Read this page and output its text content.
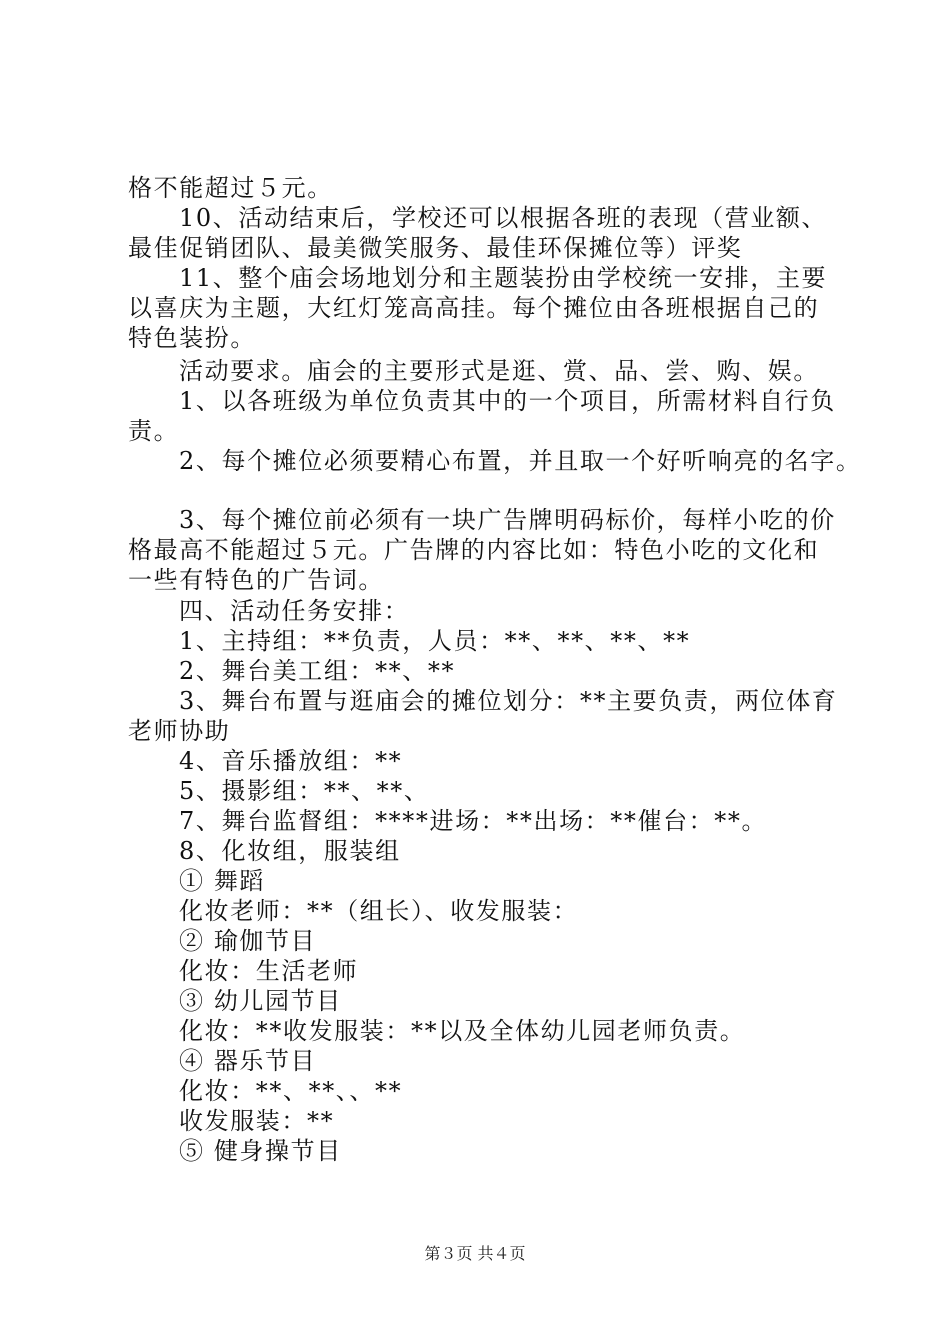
格不能超过５元。
10、活动结束后，学校还可以根据各班的表现（营业额、
最佳促销团队、最美微笑服务、最佳环保摊位等）评奖
11、整个庙会场地划分和主题装扮由学校统一安排，主要
以喜庆为主题，大红灯笼高高挂。每个摊位由各班根据自己的
特色装扮。
活动要求。庙会的主要形式是逛、赏、品、尝、购、娱。
1、以各班级为单位负责其中的一个项目，所需材料自行负
责。
2、每个摊位必须要精心布置，并且取一个好听响亮的名字。
3、每个摊位前必须有一块广告牌明码标价，每样小吃的价
格最高不能超过５元。广告牌的内容比如：特色小吃的文化和
一些有特色的广告词。
四、活动任务安排：
1、主持组：**负责，人员：**、**、**、**
2、舞台美工组：**、**
3、舞台布置与逛庙会的摊位划分：**主要负责，两位体育
老师协助
4、音乐播放组：**
5、摄影组：**、**、
7、舞台监督组：****进场：**出场：**催台：**。
8、化妆组，服装组
① 舞蹈
化妆老师：**（组长）、收发服装：
② 瑜伽节目
化妆：生活老师
③ 幼儿园节目
化妆：**收发服装：**以及全体幼儿园老师负责。
④ 器乐节目
化妆：**、**、、**
收发服装：**
⑤ 健身操节目
第３页 共４页
